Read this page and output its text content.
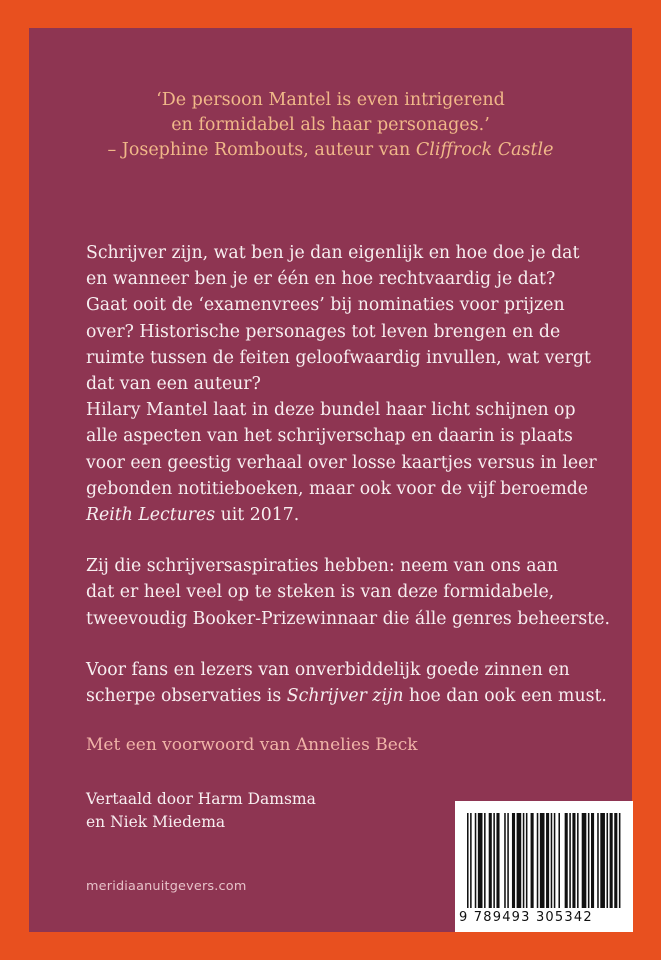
‘De persoon Mantel is even intrigerend
en formidabel als haar personages.’
– Josephine Rombouts, auteur van Cliffrock Castle

Schrijver zijn, wat ben je dan eigenlijk en hoe doe je dat
en wanneer ben je er één en hoe rechtvaardig je dat?
Gaat ooit de ‘examenvrees’ bij nominaties voor prijzen
over? Historische personages tot leven brengen en de
ruimte tussen de feiten geloofwaardig invullen, wat vergt
dat van een auteur?
Hilary Mantel laat in deze bundel haar licht schijnen op
alle aspecten van het schrijverschap en daarin is plaats
voor een geestig verhaal over losse kaartjes versus in leer
gebonden notitieboeken, maar ook voor de vijf beroemde
Reith Lectures uit 2017.

Zij die schrijversaspiraties hebben: neem van ons aan
dat er heel veel op te steken is van deze formidabele,
tweevoudig Booker-Prizewinnaar die álle genres beheerste.

Voor fans en lezers van onverbiddelijk goede zinnen en
scherpe observaties is Schrijver zijn hoe dan ook een must.

Met een voorwoord van Annelies Beck
Vertaald door Harm Damsma
en Niek Miedema
meridiaanuitgevers.com
9 789493 305342
